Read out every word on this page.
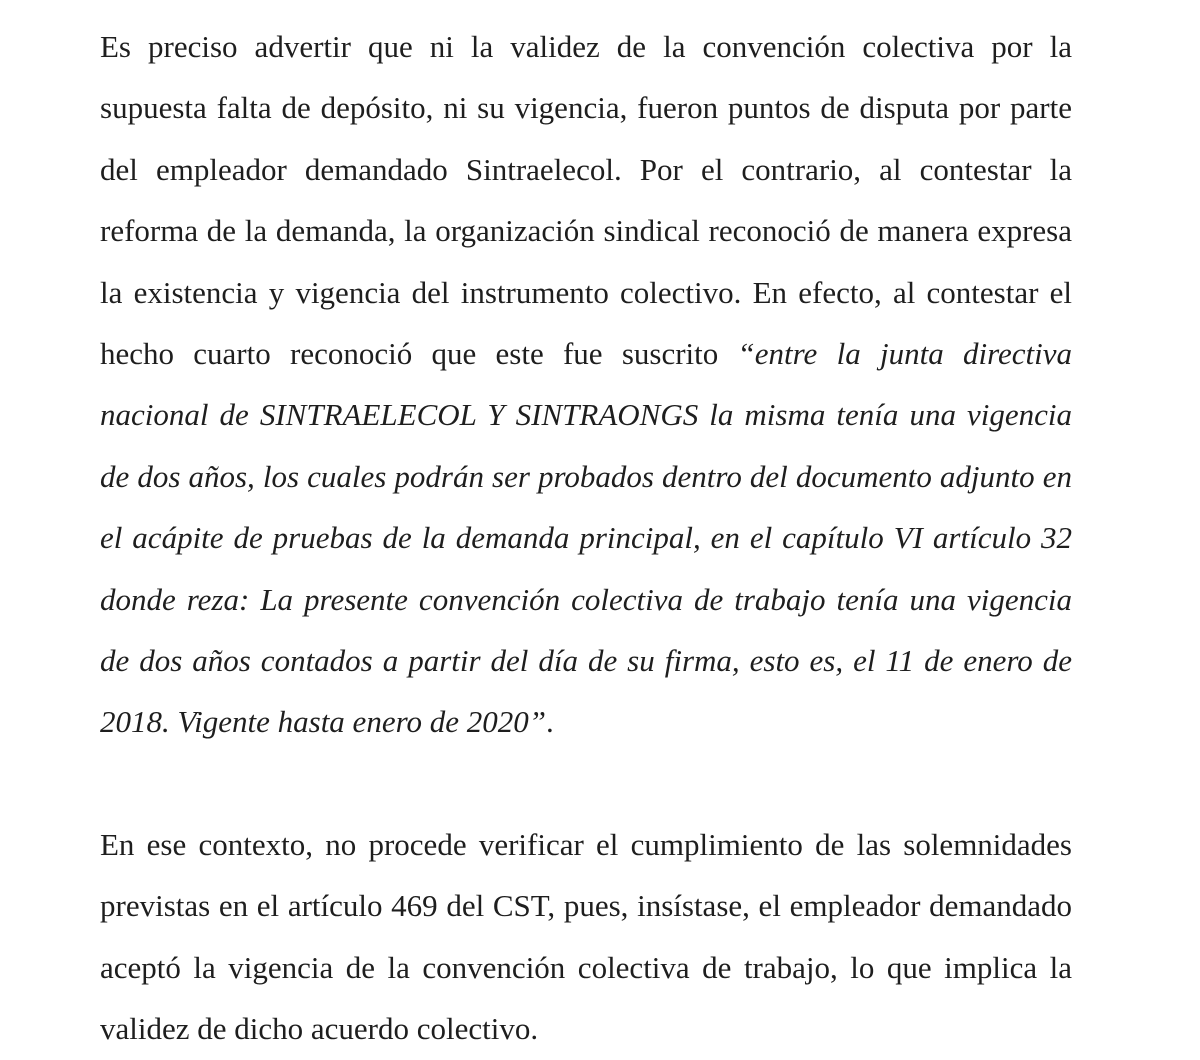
Es preciso advertir que ni la validez de la convención colectiva por la supuesta falta de depósito, ni su vigencia, fueron puntos de disputa por parte del empleador demandado Sintraelecol. Por el contrario, al contestar la reforma de la demanda, la organización sindical reconoció de manera expresa la existencia y vigencia del instrumento colectivo. En efecto, al contestar el hecho cuarto reconoció que este fue suscrito “entre la junta directiva nacional de SINTRAELECOL Y SINTRAONGS la misma tenía una vigencia de dos años, los cuales podrán ser probados dentro del documento adjunto en el acápite de pruebas de la demanda principal, en el capítulo VI artículo 32 donde reza: La presente convención colectiva de trabajo tenía una vigencia de dos años contados a partir del día de su firma, esto es, el 11 de enero de 2018. Vigente hasta enero de 2020”.

En ese contexto, no procede verificar el cumplimiento de las solemnidades previstas en el artículo 469 del CST, pues, insístase, el empleador demandado aceptó la vigencia de la convención colectiva de trabajo, lo que implica la validez de dicho acuerdo colectivo.
